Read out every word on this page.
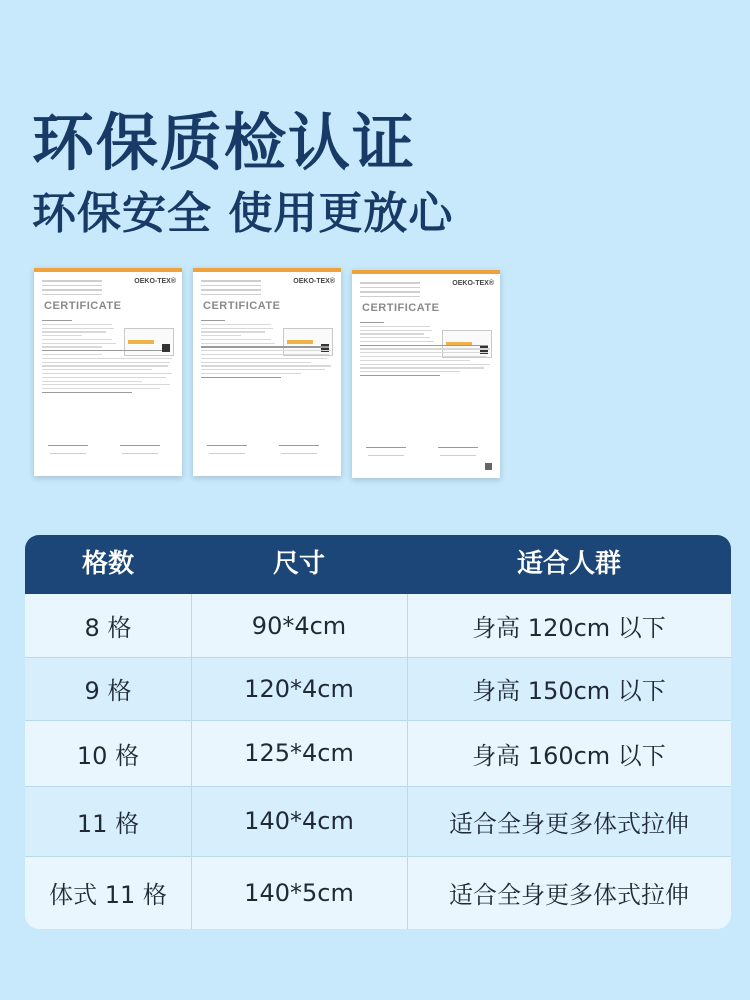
环保质检认证
环保安全 使用更放心
OEKO-TEX®
CERTIFICATE
OEKO-TEX®
CERTIFICATE
OEKO-TEX®
CERTIFICATE
格数	尺寸	适合人群
8 格	90*4cm	身高 120cm 以下
9 格	120*4cm	身高 150cm 以下
10 格	125*4cm	身高 160cm 以下
11 格	140*4cm	适合全身更多体式拉伸
体式 11 格	140*5cm	适合全身更多体式拉伸
